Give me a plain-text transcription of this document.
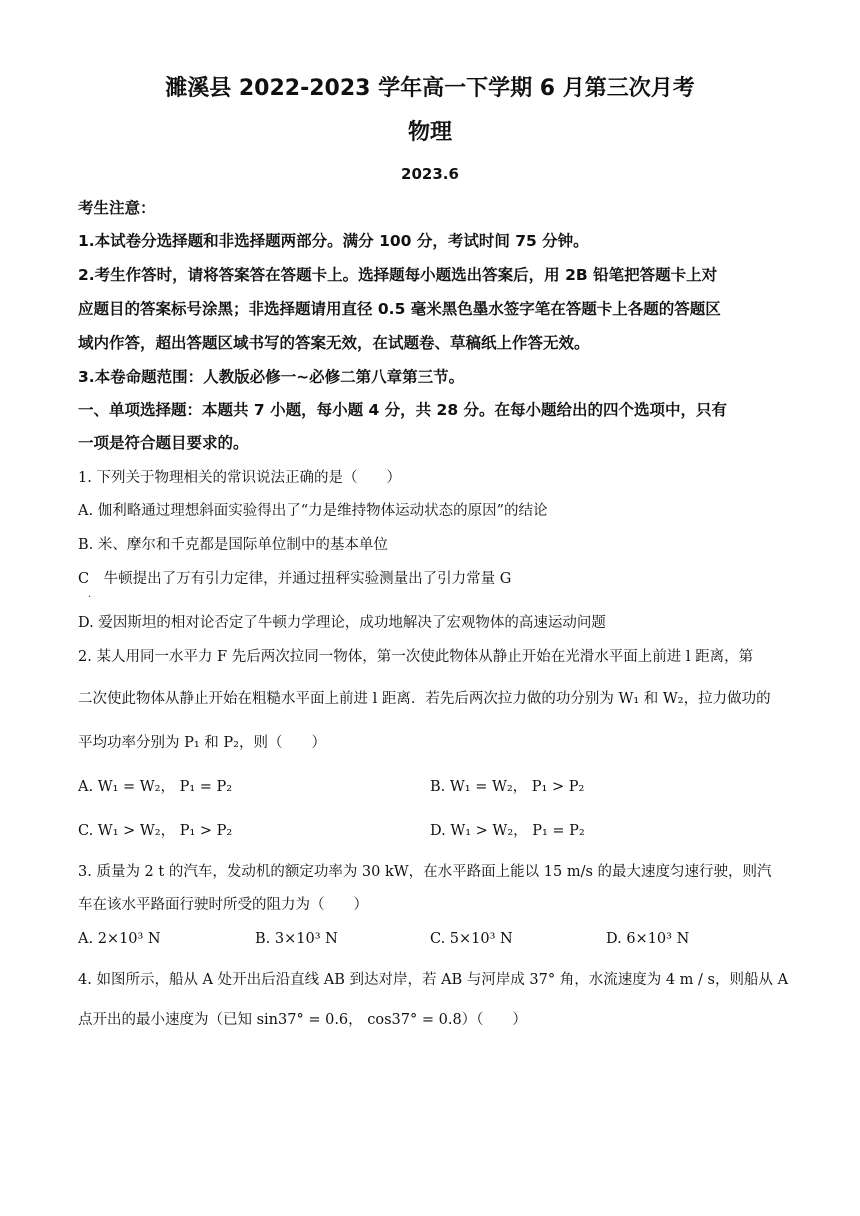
濉溪县 2022-2023 学年高一下学期 6 月第三次月考
物理
2023.6
考生注意：
1.本试卷分选择题和非选择题两部分。满分 100 分，考试时间 75 分钟。
2.考生作答时，请将答案答在答题卡上。选择题每小题选出答案后，用 2B 铅笔把答题卡上对
应题目的答案标号涂黑；非选择题请用直径 0.5 毫米黑色墨水签字笔在答题卡上各题的答题区
域内作答，超出答题区域书写的答案无效，在试题卷、草稿纸上作答无效。
3.本卷命题范围：人教版必修一~必修二第八章第三节。
一、单项选择题：本题共 7 小题，每小题 4 分，共 28 分。在每小题给出的四个选项中，只有
一项是符合题目要求的。
1. 下列关于物理相关的常识说法正确的是（　　）
A. 伽利略通过理想斜面实验得出了“力是维持物体运动状态的原因”的结论
B. 米、摩尔和千克都是国际单位制中的基本单位
C　牛顿提出了万有引力定律，并通过扭秤实验测量出了引力常量 G
.
D. 爱因斯坦的相对论否定了牛顿力学理论，成功地解决了宏观物体的高速运动问题
2. 某人用同一水平力 F 先后两次拉同一物体，第一次使此物体从静止开始在光滑水平面上前进 l 距离，第
二次使此物体从静止开始在粗糙水平面上前进 l 距离．若先后两次拉力做的功分别为 W₁ 和 W₂，拉力做功的
平均功率分别为 P₁ 和 P₂，则（　　）
A. W₁ = W₂， P₁ = P₂	B. W₁ = W₂， P₁ > P₂
C. W₁ > W₂， P₁ > P₂	D. W₁ > W₂， P₁ = P₂
3. 质量为 2 t 的汽车，发动机的额定功率为 30 kW，在水平路面上能以 15 m/s 的最大速度匀速行驶，则汽
车在该水平路面行驶时所受的阻力为（　　）
A. 2×10³ N	B. 3×10³ N	C. 5×10³ N	D. 6×10³ N
4. 如图所示，船从 A 处开出后沿直线 AB 到达对岸，若 AB 与河岸成 37° 角，水流速度为 4 m / s，则船从 A
点开出的最小速度为（已知 sin37° = 0.6， cos37° = 0.8）（　　）
